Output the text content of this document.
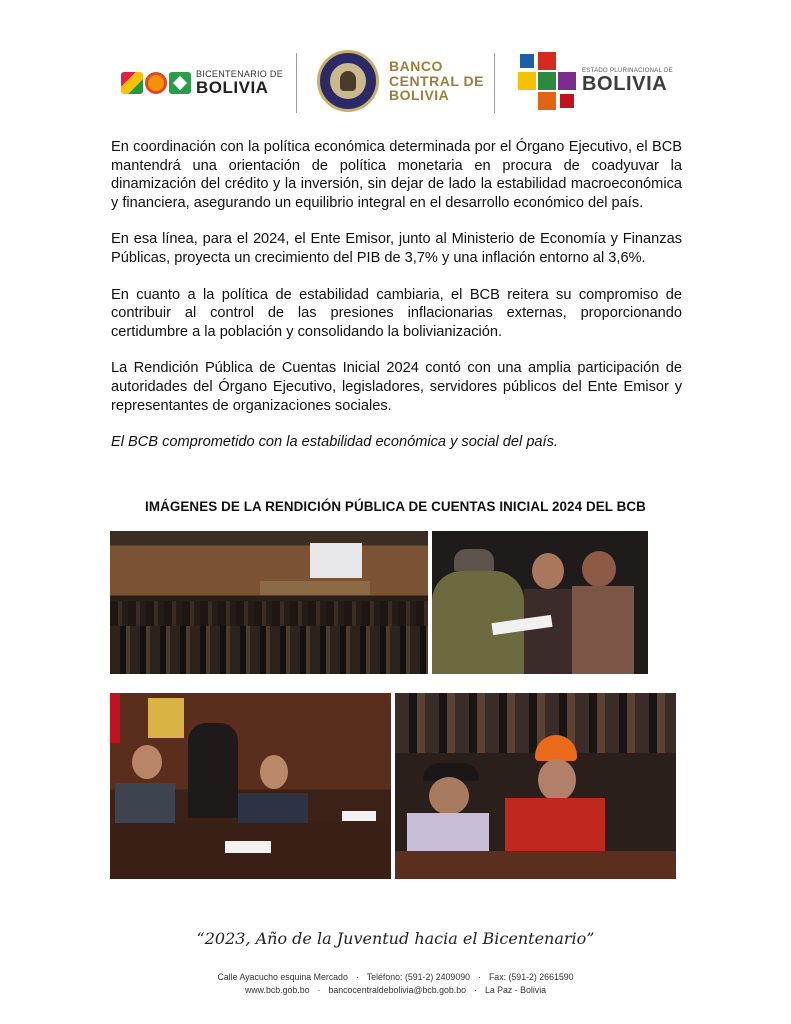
BICENTENARIO DE
BOLIVIA
BANCO
CENTRAL DE
BOLIVIA
ESTADO PLURINACIONAL DE
BOLIVIA

En coordinación con la política económica determinada por el Órgano Ejecutivo, el BCB mantendrá una orientación de política monetaria en procura de coadyuvar la dinamización del crédito y la inversión, sin dejar de lado la estabilidad macroeconómica y financiera, asegurando un equilibrio integral en el desarrollo económico del país.

En esa línea, para el 2024, el Ente Emisor, junto al Ministerio de Economía y Finanzas Públicas, proyecta un crecimiento del PIB de 3,7% y una inflación entorno al 3,6%.

En cuanto a la política de estabilidad cambiaria, el BCB reitera su compromiso de contribuir al control de las presiones inflacionarias externas, proporcionando certidumbre a la población y consolidando la bolivianización.

La Rendición Pública de Cuentas Inicial 2024 contó con una amplia participación de autoridades del Órgano Ejecutivo, legisladores, servidores públicos del Ente Emisor y representantes de organizaciones sociales.

El BCB comprometido con la estabilidad económica y social del país.

IMÁGENES DE LA RENDICIÓN PÚBLICA DE CUENTAS INICIAL 2024 DEL BCB
“2023, Año de la Juventud hacia el Bicentenario”
Calle Ayacucho esquina Mercado · Teléfono: (591-2) 2409090 · Fax: (591-2) 2661590
www.bcb.gob.bo · bancocentraldebolivia@bcb.gob.bo · La Paz - Bolivia
